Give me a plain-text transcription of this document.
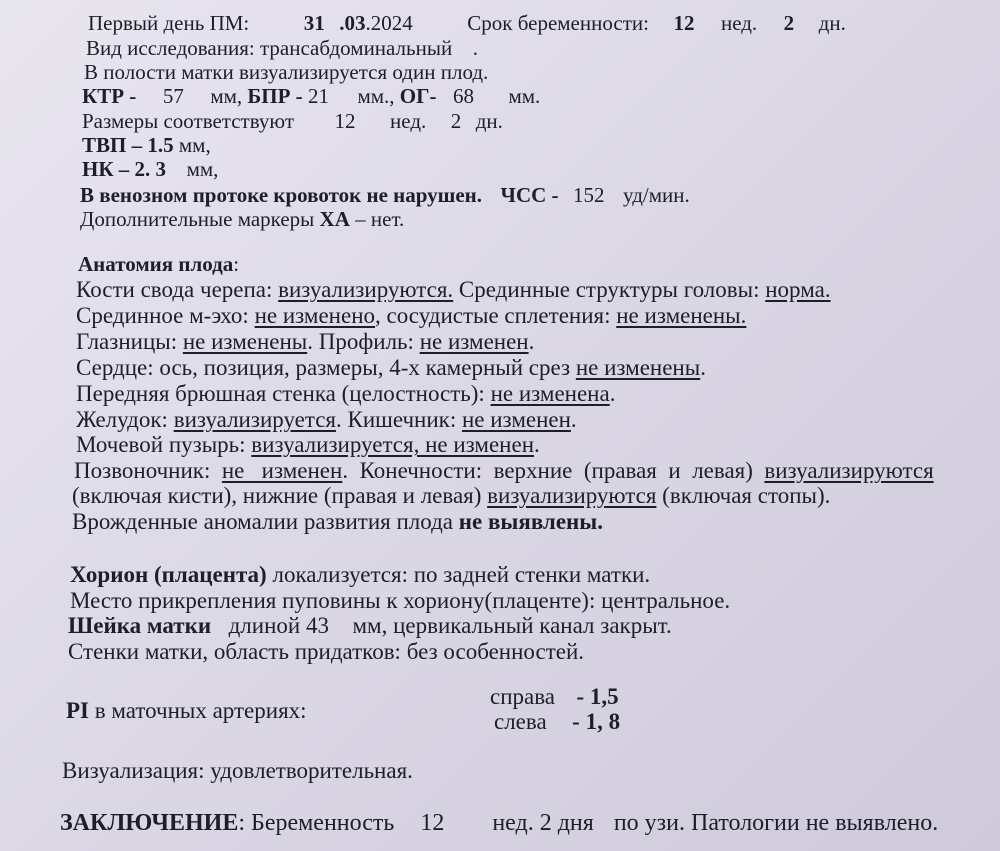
Первый день ПМ:	31 .03.2024	Срок беременности: 12 нед. 2 дн.
Вид исследования: трансабдоминальный .
В полости матки визуализируется один плод.
КТР - 57 мм, БПР - 21 мм., ОГ- 68 мм.
Размеры соответствуют 12 нед. 2 дн.
ТВП – 1.5 мм,
НК – 2. 3 мм,
В венозном протоке кровоток не нарушен. ЧСС - 152 уд/мин.
Дополнительные маркеры ХА – нет.
Анатомия плода:
Кости свода черепа: визуализируются. Срединные структуры головы: норма.
Срединное м-эхо: не изменено, сосудистые сплетения: не изменены.
Глазницы: не изменены. Профиль: не изменен.
Сердце: ось, позиция, размеры, 4-х камерный срез не изменены.
Передняя брюшная стенка (целостность): не изменена.
Желудок: визуализируется. Кишечник: не изменен.
Мочевой пузырь: визуализируется, не изменен.
Позвоночник: не   изменен.  Конечности:  верхние  (правая  и  левая) визуализируются
(включая кисти), нижние (правая и левая) визуализируются (включая стопы).
Врожденные аномалии развития плода не выявлены.
Хорион (плацента) локализуется: по задней стенки матки.
Место прикрепления пуповины к хориону(плаценте): центральное.
Шейка матки длиной 43 мм, цервикальный канал закрыт.
Стенки матки, область придатков: без особенностей.
PI в маточных артериях:
справа - 1,5
слева - 1, 8
Визуализация: удовлетворительная.
ЗАКЛЮЧЕНИЕ: Беременность 12 нед. 2 дня по узи. Патологии не выявлено.
